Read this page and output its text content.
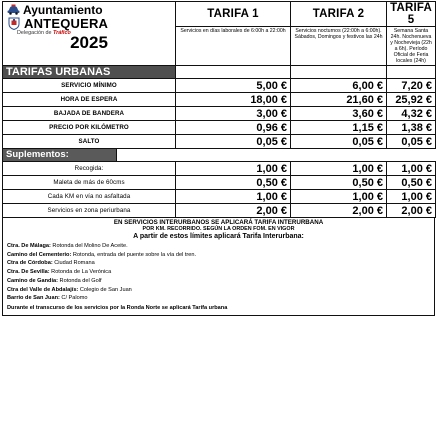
Ayuntamiento
ANTEQUERA
Delegación de Tráfico 2025		TARIFA 1	TARIFA 2	TARIFA 5
		Servicios en días laborales de 6:00h a 22:00h	Servicios nocturnos (22:00h a 6:00h). Sábados, Domingos y festivos las 24h	Semana Santa 24h. Nochenueva y Nochevieja (22h a 6h). Período Oficial de Feria locales (24h)
TARIFAS URBANAS				
SERVICIO MÍNIMO		5,00 €	6,00 €	7,20 €
HORA DE ESPERA		18,00 €	21,60 €	25,92 €
BAJADA DE BANDERA		3,00 €	3,60 €	4,32 €
PRECIO POR KILÓMETRO		0,96 €	1,15 €	1,38 €
SALTO		0,05 €	0,05 €	0,05 €
Suplementos:				
Recogida:		1,00 €	1,00 €	1,00 €
Maleta de más de 60cms		0,50 €	0,50 €	0,50 €
Cada KM en vía no asfaltada		1,00 €	1,00 €	1,00 €
Servicios en zona periurbana		2,00 €	2,00 €	2,00 €
EN SERVICIOS INTERURBANOS SE APLICARÁ TARIFA INTERURBANA
POR KM. RECORRIDO. SEGÚN LA ORDEN FOM. EN VIGOR
A partir de estos límites aplicará Tarifa Interurbana:
Ctra. De Málaga: Rotonda del Molino De Aceite.
Camino del Cementerio: Rotonda, entrada del puente sobre la vía del tren.
Ctra de Córdoba: Ciudad Romana
Ctra. De Sevilla: Rotonda de La Verónica
Camino de Gandía: Rotonda del Golf
Ctra del Valle de Abdalajís: Colegio de San Juan
Barrio de San Juan: C/ Palomo
Durante el transcurso de los servicios por la Ronda Norte se aplicará Tarifa urbana
